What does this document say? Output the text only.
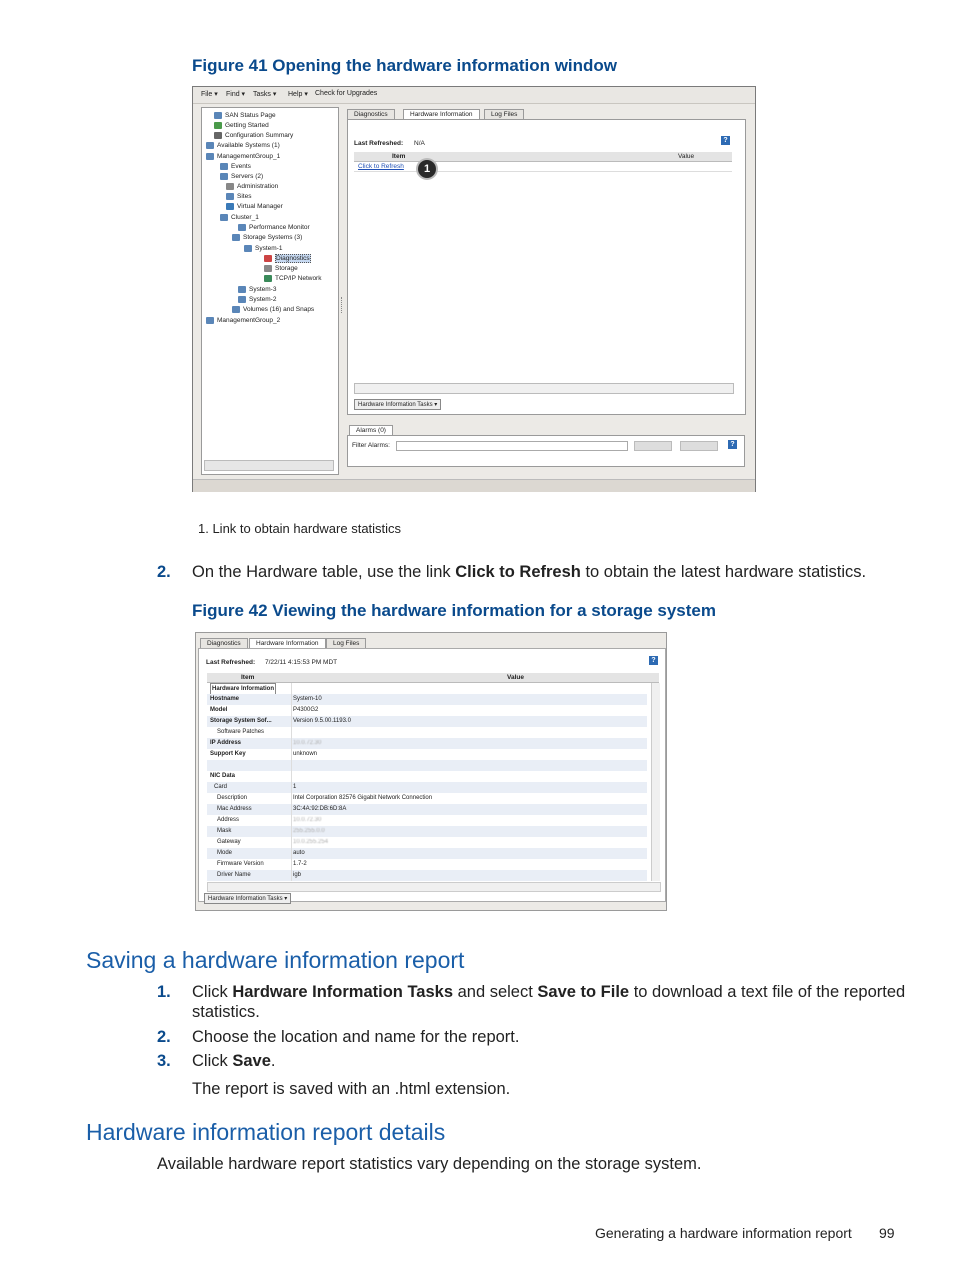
Figure 41 Opening the hardware information window
File ▾ Find ▾ Tasks ▾ Help ▾ Check for Upgrades
SAN Status Page
Getting Started
Configuration Summary
Available Systems (1)
ManagementGroup_1
Events
Servers (2)
Administration
Sites
Virtual Manager
Cluster_1
Performance Monitor
Storage Systems (3)
System-1
Diagnostics
Storage
TCP/IP Network
System-3
System-2
Volumes (16) and Snaps
ManagementGroup_2
Diagnostics	Hardware Information	Log Files
Last Refreshed: N/A	?
Item	Value
Click to Refresh	1
Hardware Information Tasks ▾
Alarms (0)
Filter Alarms:	?
1. Link to obtain hardware statistics
2. On the Hardware table, use the link Click to Refresh to obtain the latest hardware statistics.
Figure 42 Viewing the hardware information for a storage system
Diagnostics	Hardware Information	Log Files
Last Refreshed: 7/22/11 4:15:53 PM MDT	?
Item	Value
Hardware Information
Hostname	System-10
Model	P4300G2
Storage System Sof...	Version 9.5.00.1193.0
Software Patches
IP Address	10.0.72.30
Support Key	unknown
NIC Data
Card	1
Description	Intel Corporation 82576 Gigabit Network Connection
Mac Address	3C:4A:92:DB:6D:8A
Address	10.0.72.30
Mask	255.255.0.0
Gateway	10.0.255.254
Mode	auto
Firmware Version	1.7-2
Driver Name	igb
Hardware Information Tasks ▾
Saving a hardware information report
1. Click Hardware Information Tasks and select Save to File to download a text file of the reported
statistics.
2. Choose the location and name for the report.
3. Click Save.
The report is saved with an .html extension.
Hardware information report details
Available hardware report statistics vary depending on the storage system.
Generating a hardware information report 99
